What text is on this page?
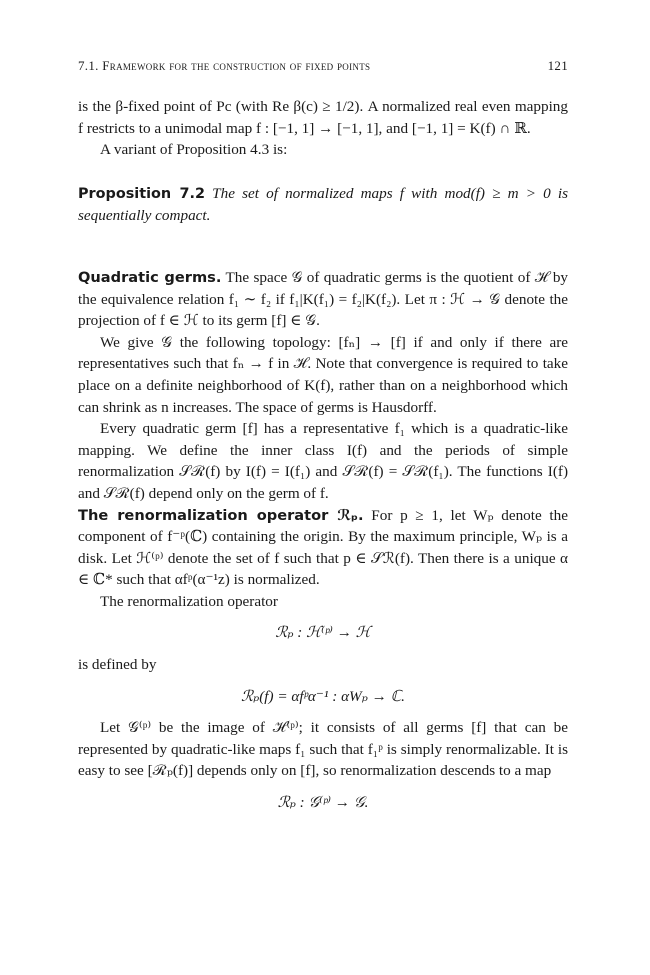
7.1. Framework for the construction of fixed points	121

is the β-fixed point of Pc (with Re β(c) ≥ 1/2). A normalized real even mapping f restricts to a unimodal map f : [−1, 1] → [−1, 1], and [−1, 1] = K(f) ∩ ℝ.

A variant of Proposition 4.3 is:

Proposition 7.2 The set of normalized maps f with mod(f) ≥ m > 0 is sequentially compact.

Quadratic germs. The space 𝒢 of quadratic germs is the quotient of ℋ by the equivalence relation f₁ ∼ f₂ if f₁|K(f₁) = f₂|K(f₂). Let π : ℋ → 𝒢 denote the projection of f ∈ ℋ to its germ [f] ∈ 𝒢.

We give 𝒢 the following topology: [fₙ] → [f] if and only if there are representatives such that fₙ → f in ℋ. Note that convergence is required to take place on a definite neighborhood of K(f), rather than on a neighborhood which can shrink as n increases. The space of germs is Hausdorff.

Every quadratic germ [f] has a representative f₁ which is a quadratic-like mapping. We define the inner class I(f) and the periods of simple renormalization 𝒮ℛ(f) by I(f) = I(f₁) and 𝒮ℛ(f) = 𝒮ℛ(f₁). The functions I(f) and 𝒮ℛ(f) depend only on the germ of f.

The renormalization operator ℛₚ. For p ≥ 1, let Wₚ denote the component of f⁻ᵖ(ℂ) containing the origin. By the maximum principle, Wₚ is a disk. Let ℋ⁽ᵖ⁾ denote the set of f such that p ∈ 𝒮ℛ(f). Then there is a unique α ∈ ℂ* such that αfᵖ(α⁻¹z) is normalized.

The renormalization operator

ℛₚ : ℋ⁽ᵖ⁾ → ℋ

is defined by

ℛₚ(f) = αfᵖα⁻¹ : αWₚ → ℂ.

Let 𝒢⁽ᵖ⁾ be the image of ℋ⁽ᵖ⁾; it consists of all germs [f] that can be represented by quadratic-like maps f₁ such that f₁ᵖ is simply renormalizable. It is easy to see [ℛₚ(f)] depends only on [f], so renormalization descends to a map

ℛₚ : 𝒢⁽ᵖ⁾ → 𝒢.
